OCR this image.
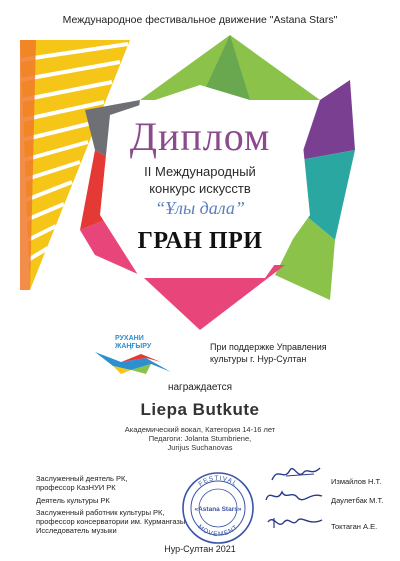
Международное фестивальное движение "Astana Stars"
Диплом
II Международный
конкурс искусств
“Ұлы дала”
ГРАН ПРИ
РУХАНИ
ЖАҢҒЫРУ	При поддержке Управления
культуры г. Нур-Султан
награждается
Liepa Butkute
Академический вокал, Категория 14-16 лет
Педагоги: Jolanta Stumbriene,
Jurijus Suchanovas
Заслуженный деятель РК,
профессор КазНУИ РК
Деятель культуры РК
Заслуженный работник культуры РК,
профессор консерватории им. Курмангазы
Исследователь музыки
Измайлов Н.Т.
Даулетбак М.Т.
Токтаган А.Е.
FESTIVAL
MOVEMENT
«Astana Stars»
Нур-Султан 2021
